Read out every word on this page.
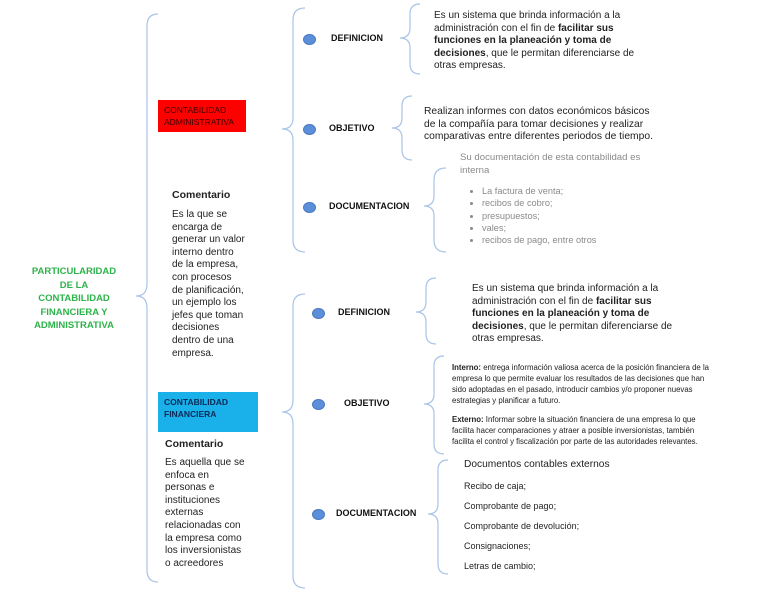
PARTICULARIDAD
DE LA
CONTABILIDAD
FINANCIERA Y
ADMINISTRATIVA
CONTABILIDAD
ADMINISTRATIVA
Comentario
Es la que se
encarga de
generar un valor
interno dentro
de la empresa,
con procesos
de planificación,
un ejemplo los
jefes que toman
decisiones
dentro de una
empresa.
DEFINICION
OBJETIVO
DOCUMENTACION
Es un sistema que brinda información a la
administración con el fin de facilitar sus
funciones en la planeación y toma de
decisiones, que le permitan diferenciarse de
otras empresas.
Realizan informes con datos económicos básicos
de la compañía para tomar decisiones y realizar
comparativas entre diferentes periodos de tiempo.
Su documentación de esta contabilidad es
interna
• La factura de venta;
• recibos de cobro;
• presupuestos;
• vales;
• recibos de pago, entre otros
CONTABILIDAD
FINANCIERA
Comentario
Es aquella que se
enfoca en
personas e
instituciones
externas
relacionadas con
la empresa como
los inversionistas
o acreedores
DEFINICION
OBJETIVO
DOCUMENTACION
Es un sistema que brinda información a la
administración con el fin de facilitar sus
funciones en la planeación y toma de
decisiones, que le permitan diferenciarse de
otras empresas.
Interno: entrega información valiosa acerca de la posición financiera de la
empresa lo que permite evaluar los resultados de las decisiones que han
sido adoptadas en el pasado, introducir cambios y/o proponer nuevas
estrategias y planificar a futuro.
Externo: Informar sobre la situación financiera de una empresa lo que
facilita hacer comparaciones y atraer a posible inversionistas, también
facilita el control y fiscalización por parte de las autoridades relevantes.
Documentos contables externos
Recibo de caja;
Comprobante de pago;
Comprobante de devolución;
Consignaciones;
Letras de cambio;
